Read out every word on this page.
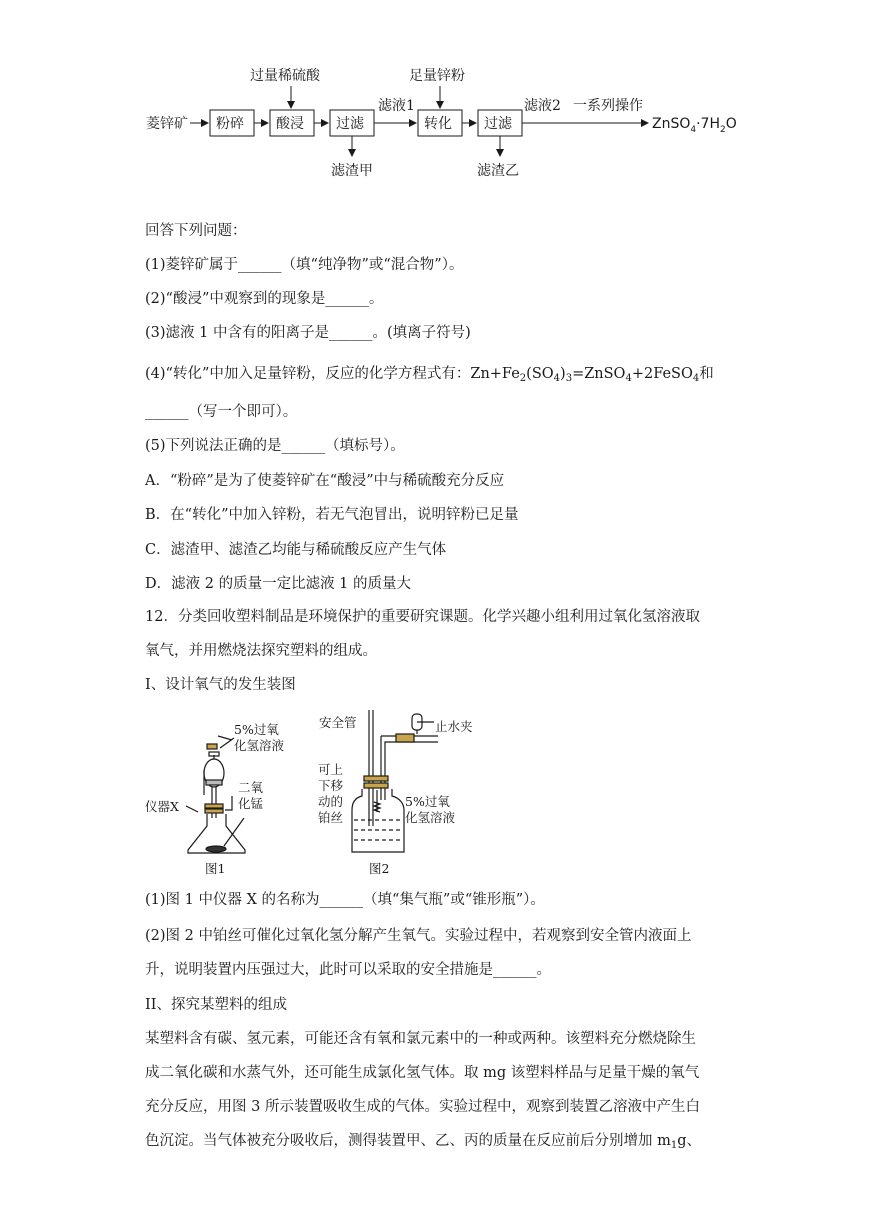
菱锌矿 粉碎 酸浸
过量稀硫酸
过滤
滤渣甲
滤液1
转化
足量锌粉
过滤
滤渣乙
滤液2 一系列操作
$ZnSO_4\cdot 7H_2O$
回答下列问题：
(1)菱锌矿属于______（填“纯净物”或“混合物”）。
(2)“酸浸”中观察到的现象是______。
(3)滤液 1 中含有的阳离子是______。(填离子符号)
(4)“转化”中加入足量锌粉，反应的化学方程式有：$Zn+Fe_2(SO_4)_3=ZnSO_4+2FeSO_4$和
______（写一个即可）。
(5)下列说法正确的是______（填标号）。
A．“粉碎”是为了使菱锌矿在“酸浸”中与稀硫酸充分反应
B．在“转化”中加入锌粉，若无气泡冒出，说明锌粉已足量
C．滤渣甲、滤渣乙均能与稀硫酸反应产生气体
D．滤液 2 的质量一定比滤液 1 的质量大
12．分类回收塑料制品是环境保护的重要研究课题。化学兴趣小组利用过氧化氢溶液取
氧气，并用燃烧法探究塑料的组成。
I、设计氧气的发生装图
5%过氧
化氢溶液
二氧
化锰
仪器X
图1
安全管	止水夹
可上
下移
动的
铂丝
5%过氧
化氢溶液
图2
(1)图 1 中仪器 X 的名称为______（填“集气瓶”或“锥形瓶”）。
(2)图 2 中铂丝可催化过氧化氢分解产生氧气。实验过程中，若观察到安全管内液面上
升，说明装置内压强过大，此时可以采取的安全措施是______。
II、探究某塑料的组成
某塑料含有碳、氢元素，可能还含有氧和氯元素中的一种或两种。该塑料充分燃烧除生
成二氧化碳和水蒸气外，还可能生成氯化氢气体。取 mg 该塑料样品与足量干燥的氧气
充分反应，用图 3 所示装置吸收生成的气体。实验过程中，观察到装置乙溶液中产生白
色沉淀。当气体被充分吸收后，测得装置甲、乙、丙的质量在反应前后分别增加 $m_1g$、
